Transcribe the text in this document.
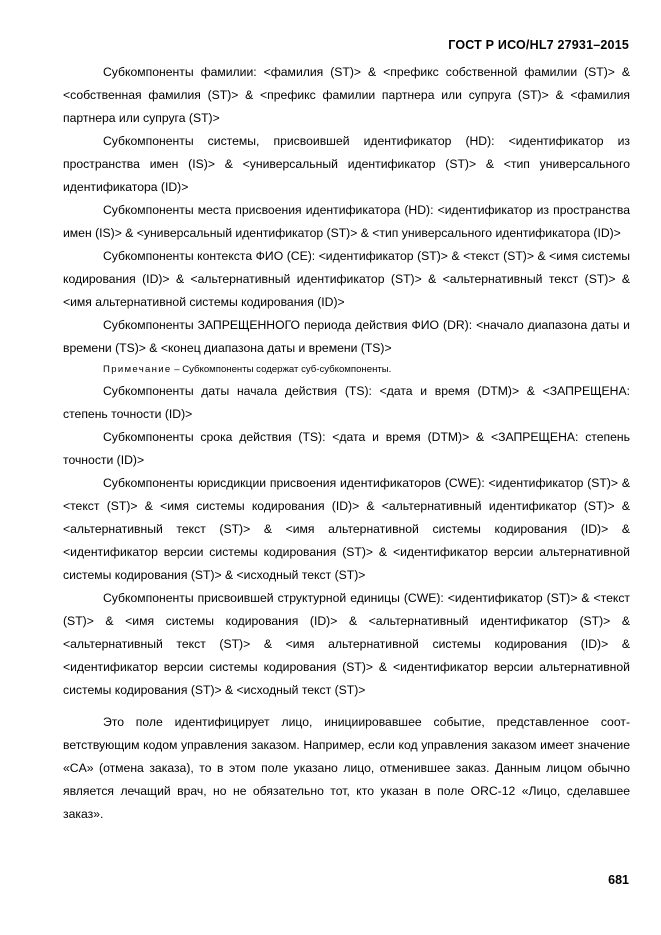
ГОСТ Р ИСО/HL7 27931–2015

Субкомпоненты фамилии: <фамилия (ST)> & <префикс собственной фамилии (ST)> & <собственная фамилия (ST)> & <префикс фамилии партнера или супруга (ST)> & <фамилия партнера или супруга (ST)>

Субкомпоненты системы, присвоившей идентификатор (HD): <идентификатор из пространства имен (IS)> & <универсальный идентификатор (ST)> & <тип универсального идентификатора (ID)>

Субкомпоненты места присвоения идентификатора (HD): <идентификатор из пространства имен (IS)> & <универсальный идентификатор (ST)> & <тип универсального идентификатора (ID)>

Субкомпоненты контекста ФИО (CE): <идентификатор (ST)> & <текст (ST)> & <имя системы кодирования (ID)> & <альтернативный идентификатор (ST)> & <альтернативный текст (ST)> & <имя альтернативной системы кодирования (ID)>

Субкомпоненты ЗАПРЕЩЕННОГО периода действия ФИО (DR): <начало диапазона даты и времени (TS)> & <конец диапазона даты и времени (TS)>

Примечание – Субкомпоненты содержат суб-субкомпоненты.

Субкомпоненты даты начала действия (TS): <дата и время (DTM)> & <ЗАПРЕЩЕНА: степень точности (ID)>

Субкомпоненты срока действия (TS): <дата и время (DTM)> & <ЗАПРЕЩЕНА: степень точности (ID)>

Субкомпоненты юрисдикции присвоения идентификаторов (CWE): <идентификатор (ST)> & <текст (ST)> & <имя системы кодирования (ID)> & <альтернативный идентификатор (ST)> & <альтернативный текст (ST)> & <имя альтернативной системы кодирования (ID)> & <идентификатор версии системы кодирования (ST)> & <идентификатор версии альтернативной системы кодирования (ST)> & <исходный текст (ST)>

Субкомпоненты присвоившей структурной единицы (CWE): <идентификатор (ST)> & <текст (ST)> & <имя системы кодирования (ID)> & <альтернативный идентификатор (ST)> & <альтернативный текст (ST)> & <имя альтернативной системы кодирования (ID)> & <идентификатор версии системы кодирования (ST)> & <идентификатор версии альтернативной системы кодирования (ST)> & <исходный текст (ST)>

Это поле идентифицирует лицо, инициировавшее событие, представленное соответствующим кодом управления заказом. Например, если код управления заказом имеет значение «CA» (отмена заказа), то в этом поле указано лицо, отменившее заказ. Данным лицом обычно является лечащий врач, но не обязательно тот, кто указан в поле ORC-12 «Лицо, сделавшее заказ».

681
